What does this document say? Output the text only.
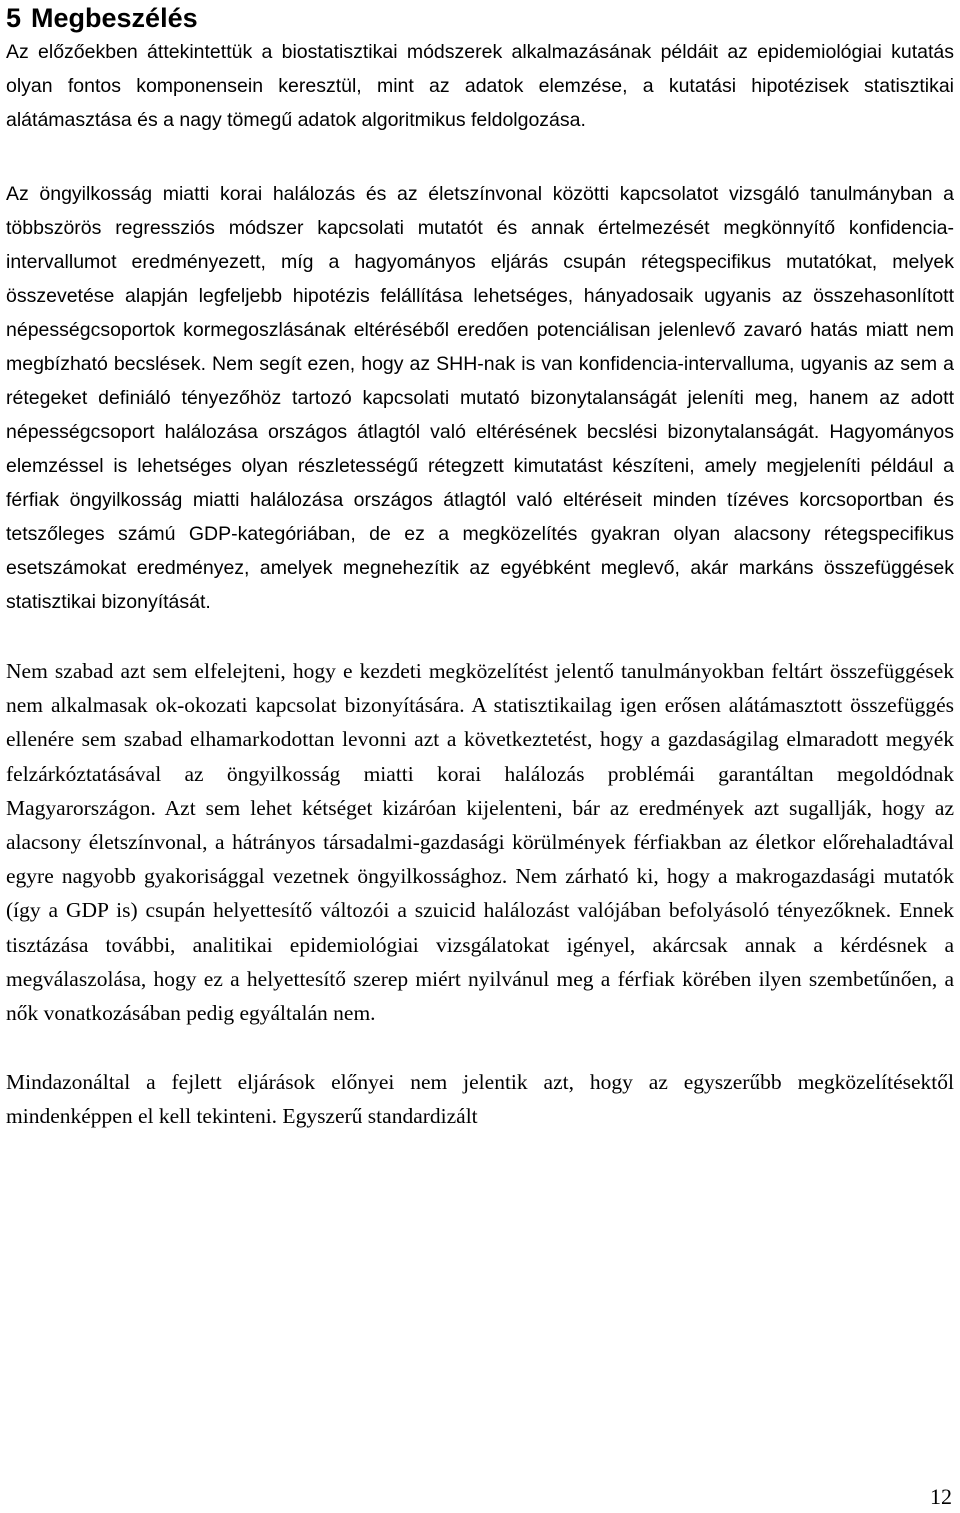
5 Megbeszélés

Az előzőekben áttekintettük a biostatisztikai módszerek alkalmazásának példáit az epidemiológiai kutatás olyan fontos komponensein keresztül, mint az adatok elemzése, a kutatási hipotézisek statisztikai alátámasztása és a nagy tömegű adatok algoritmikus feldolgozása.

Az öngyilkosság miatti korai halálozás és az életszínvonal közötti kapcsolatot vizsgáló tanulmányban a többszörös regressziós módszer kapcsolati mutatót és annak értelmezését megkönnyítő konfidencia-intervallumot eredményezett, míg a hagyományos eljárás csupán rétegspecifikus mutatókat, melyek összevetése alapján legfeljebb hipotézis felállítása lehetséges, hányadosaik ugyanis az összehasonlított népességcsoportok kormegoszlásának eltéréséből eredően potenciálisan jelenlevő zavaró hatás miatt nem megbízható becslések. Nem segít ezen, hogy az SHH-nak is van konfidencia-intervalluma, ugyanis az sem a rétegeket definiáló tényezőhöz tartozó kapcsolati mutató bizonytalanságát jeleníti meg, hanem az adott népességcsoport halálozása országos átlagtól való eltérésének becslési bizonytalanságát. Hagyományos elemzéssel is lehetséges olyan részletességű rétegzett kimutatást készíteni, amely megjeleníti például a férfiak öngyilkosság miatti halálozása országos átlagtól való eltéréseit minden tízéves korcsoportban és tetszőleges számú GDP-kategóriában, de ez a megközelítés gyakran olyan alacsony rétegspecifikus esetszámokat eredményez, amelyek megnehezítik az egyébként meglevő, akár markáns összefüggések statisztikai bizonyítását.

Nem szabad azt sem elfelejteni, hogy e kezdeti megközelítést jelentő tanulmányokban feltárt összefüggések nem alkalmasak ok-okozati kapcsolat bizonyítására. A statisztikailag igen erősen alátámasztott összefüggés ellenére sem szabad elhamarkodottan levonni azt a következtetést, hogy a gazdaságilag elmaradott megyék felzárkóztatásával az öngyilkosság miatti korai halálozás problémái garantáltan megoldódnak Magyarországon. Azt sem lehet kétséget kizáróan kijelenteni, bár az eredmények azt sugallják, hogy az alacsony életszínvonal, a hátrányos társadalmi-gazdasági körülmények férfiakban az életkor előrehaladtával egyre nagyobb gyakorisággal vezetnek öngyilkossághoz. Nem zárható ki, hogy a makrogazdasági mutatók (így a GDP is) csupán helyettesítő változói a szuicid halálozást valójában befolyásoló tényezőknek. Ennek tisztázása további, analitikai epidemiológiai vizsgálatokat igényel, akárcsak annak a kérdésnek a megválaszolása, hogy ez a helyettesítő szerep miért nyilvánul meg a férfiak körében ilyen szembetűnően, a nők vonatkozásában pedig egyáltalán nem.

Mindazonáltal a fejlett eljárások előnyei nem jelentik azt, hogy az egyszerűbb megközelítésektől mindenképpen el kell tekinteni. Egyszerű standardizált

12
